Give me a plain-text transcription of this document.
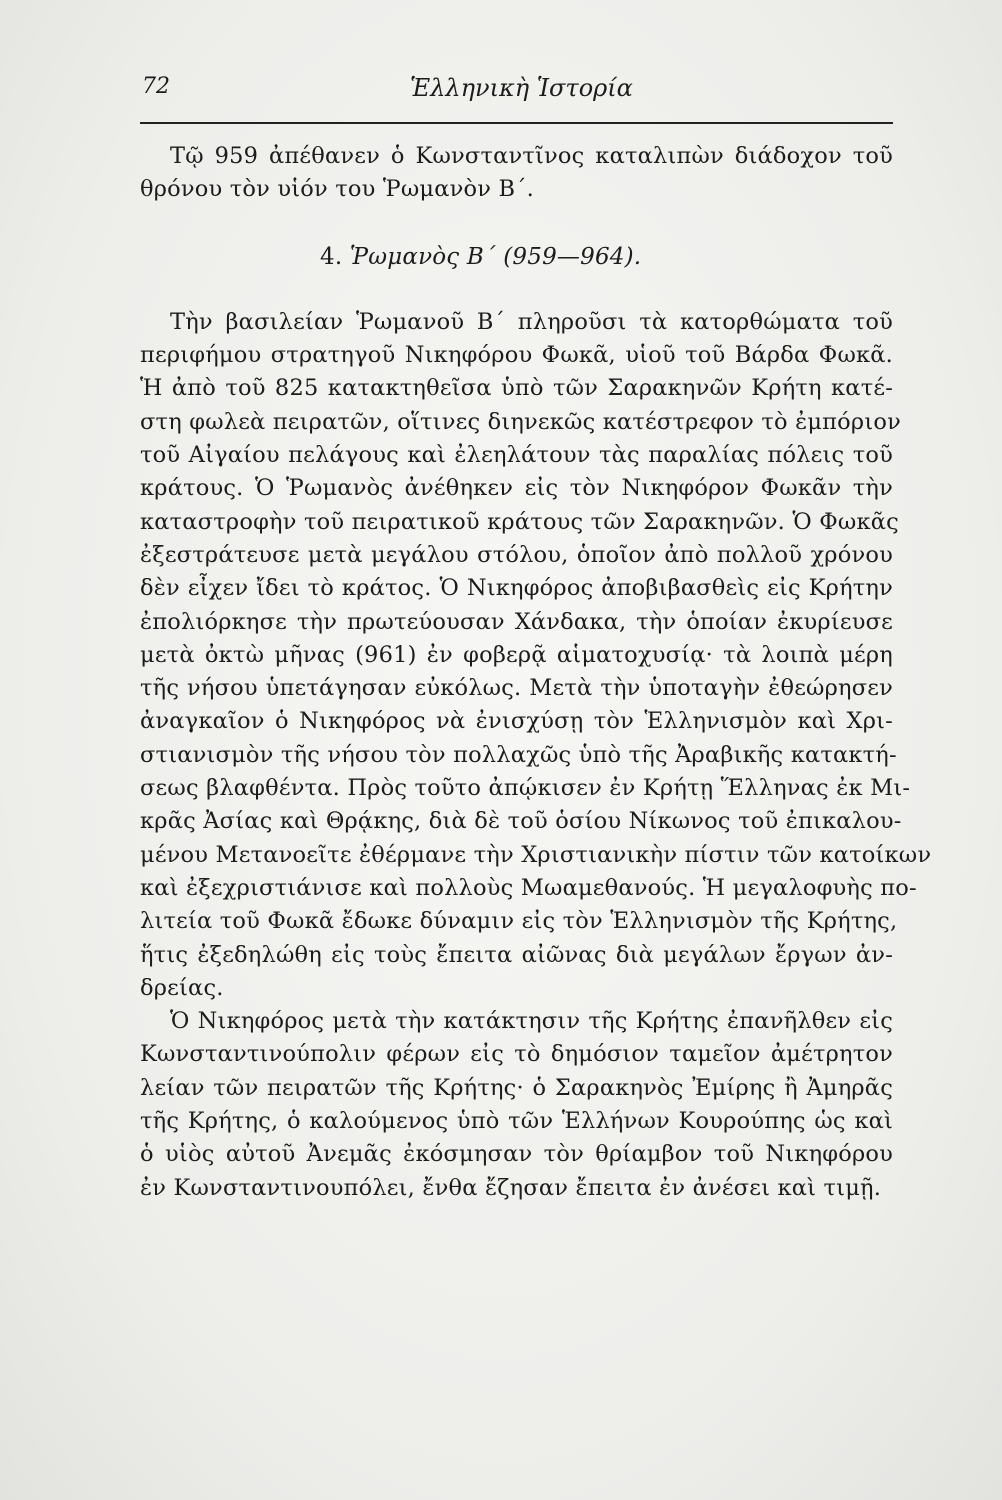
72	Ἑλληνικὴ Ἱστορία
Τῷ 959 ἀπέθανεν ὁ Κωνσταντῖνος καταλιπὼν διάδοχον τοῦ
θρόνου τὸν υἱόν του Ῥωμανὸν Β΄.
4. Ῥωμανὸς Β΄ (959—964).
Τὴν βασιλείαν Ῥωμανοῦ Β΄ πληροῦσι τὰ κατορθώματα τοῦ
περιφήμου στρατηγοῦ Νικηφόρου Φωκᾶ, υἱοῦ τοῦ Βάρδα Φωκᾶ.
Ἡ ἀπὸ τοῦ 825 κατακτηθεῖσα ὑπὸ τῶν Σαρακηνῶν Κρήτη κατέ-
στη φωλεὰ πειρατῶν, οἵτινες διηνεκῶς κατέστρεφον τὸ ἐμπόριον
τοῦ Αἰγαίου πελάγους καὶ ἐλεηλάτουν τὰς παραλίας πόλεις τοῦ
κράτους. Ὁ Ῥωμανὸς ἀνέθηκεν εἰς τὸν Νικηφόρον Φωκᾶν τὴν
καταστροφὴν τοῦ πειρατικοῦ κράτους τῶν Σαρακηνῶν. Ὁ Φωκᾶς
ἐξεστράτευσε μετὰ μεγάλου στόλου, ὁποῖον ἀπὸ πολλοῦ χρόνου
δὲν εἶχεν ἴδει τὸ κράτος. Ὁ Νικηφόρος ἀποβιβασθεὶς εἰς Κρήτην
ἐπολιόρκησε τὴν πρωτεύουσαν Χάνδακα, τὴν ὁποίαν ἐκυρίευσε
μετὰ ὀκτὼ μῆνας (961) ἐν φοβερᾷ αἱματοχυσίᾳ· τὰ λοιπὰ μέρη
τῆς νήσου ὑπετάγησαν εὐκόλως. Μετὰ τὴν ὑποταγὴν ἐθεώρησεν
ἀναγκαῖον ὁ Νικηφόρος νὰ ἐνισχύσῃ τὸν Ἑλληνισμὸν καὶ Χρι-
στιανισμὸν τῆς νήσου τὸν πολλαχῶς ὑπὸ τῆς Ἀραβικῆς κατακτή-
σεως βλαφθέντα. Πρὸς τοῦτο ἀπῴκισεν ἐν Κρήτῃ Ἕλληνας ἐκ Μι-
κρᾶς Ἀσίας καὶ Θρᾴκης, διὰ δὲ τοῦ ὁσίου Νίκωνος τοῦ ἐπικαλου-
μένου Μετανοεῖτε ἐθέρμανε τὴν Χριστιανικὴν πίστιν τῶν κατοίκων
καὶ ἐξεχριστιάνισε καὶ πολλοὺς Μωαμεθανούς. Ἡ μεγαλοφυὴς πο-
λιτεία τοῦ Φωκᾶ ἔδωκε δύναμιν εἰς τὸν Ἑλληνισμὸν τῆς Κρήτης,
ἥτις ἐξεδηλώθη εἰς τοὺς ἔπειτα αἰῶνας διὰ μεγάλων ἔργων ἀν-
δρείας.
Ὁ Νικηφόρος μετὰ τὴν κατάκτησιν τῆς Κρήτης ἐπανῆλθεν εἰς
Κωνσταντινούπολιν φέρων εἰς τὸ δημόσιον ταμεῖον ἀμέτρητον
λείαν τῶν πειρατῶν τῆς Κρήτης· ὁ Σαρακηνὸς Ἐμίρης ἢ Ἀμηρᾶς
τῆς Κρήτης, ὁ καλούμενος ὑπὸ τῶν Ἑλλήνων Κουρούπης ὡς καὶ
ὁ υἱὸς αὐτοῦ Ἀνεμᾶς ἐκόσμησαν τὸν θρίαμβον τοῦ Νικηφόρου
ἐν Κωνσταντινουπόλει, ἔνθα ἔζησαν ἔπειτα ἐν ἀνέσει καὶ τιμῇ.
